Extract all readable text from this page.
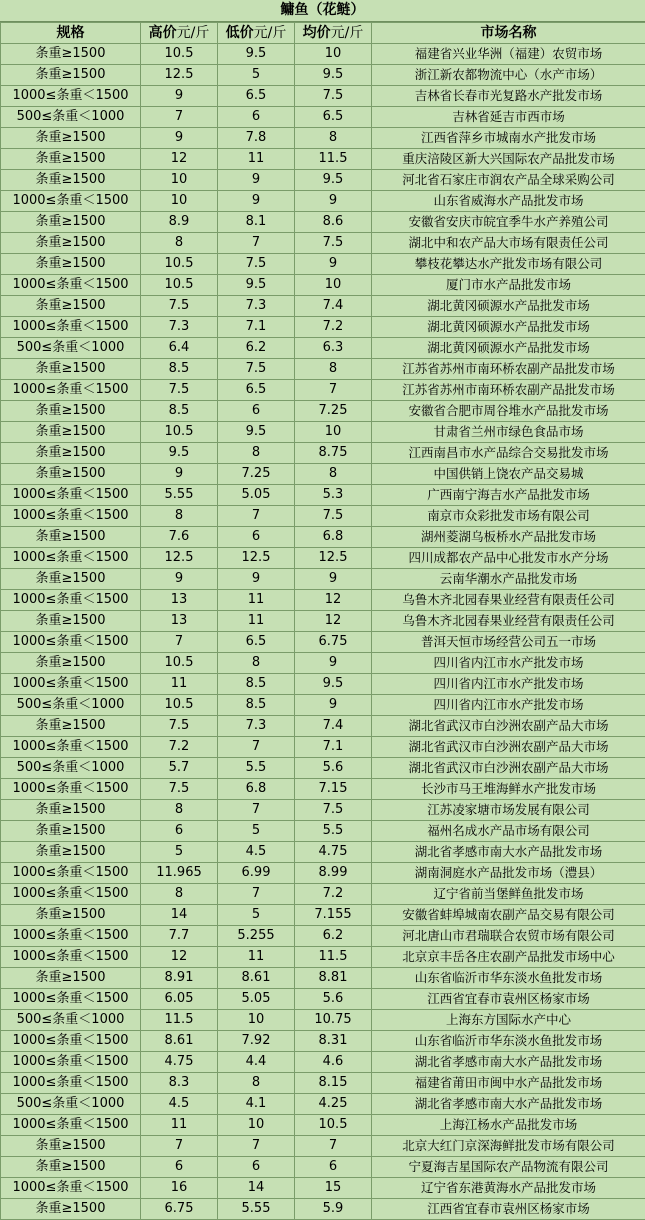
鳙鱼（花鲢）
规格	高价元/斤	低价元/斤	均价元/斤	市场名称
条重≥1500	10.5	9.5	10	福建省兴业华洲（福建）农贸市场
条重≥1500	12.5	5	9.5	浙江新农都物流中心（水产市场）
1000≤条重＜1500	9	6.5	7.5	吉林省长春市光复路水产批发市场
500≤条重＜1000	7	6	6.5	吉林省延吉市西市场
条重≥1500	9	7.8	8	江西省萍乡市城南水产批发市场
条重≥1500	12	11	11.5	重庆涪陵区新大兴国际农产品批发市场
条重≥1500	10	9	9.5	河北省石家庄市润农产品全球采购公司
1000≤条重＜1500	10	9	9	山东省威海水产品批发市场
条重≥1500	8.9	8.1	8.6	安徽省安庆市皖宜季牛水产养殖公司
条重≥1500	8	7	7.5	湖北中和农产品大市场有限责任公司
条重≥1500	10.5	7.5	9	攀枝花攀达水产批发市场有限公司
1000≤条重＜1500	10.5	9.5	10	厦门市水产品批发市场
条重≥1500	7.5	7.3	7.4	湖北黄冈硕源水产品批发市场
1000≤条重＜1500	7.3	7.1	7.2	湖北黄冈硕源水产品批发市场
500≤条重＜1000	6.4	6.2	6.3	湖北黄冈硕源水产品批发市场
条重≥1500	8.5	7.5	8	江苏省苏州市南环桥农副产品批发市场
1000≤条重＜1500	7.5	6.5	7	江苏省苏州市南环桥农副产品批发市场
条重≥1500	8.5	6	7.25	安徽省合肥市周谷堆水产品批发市场
条重≥1500	10.5	9.5	10	甘肃省兰州市绿色食品市场
条重≥1500	9.5	8	8.75	江西南昌市水产品综合交易批发市场
条重≥1500	9	7.25	8	中国供销上饶农产品交易城
1000≤条重＜1500	5.55	5.05	5.3	广西南宁海吉水产品批发市场
1000≤条重＜1500	8	7	7.5	南京市众彩批发市场有限公司
条重≥1500	7.6	6	6.8	湖州菱湖乌板桥水产品批发市场
1000≤条重＜1500	12.5	12.5	12.5	四川成都农产品中心批发市水产分场
条重≥1500	9	9	9	云南华潮水产品批发市场
1000≤条重＜1500	13	11	12	乌鲁木齐北园春果业经营有限责任公司
条重≥1500	13	11	12	乌鲁木齐北园春果业经营有限责任公司
1000≤条重＜1500	7	6.5	6.75	普洱天恒市场经营公司五一市场
条重≥1500	10.5	8	9	四川省内江市水产批发市场
1000≤条重＜1500	11	8.5	9.5	四川省内江市水产批发市场
500≤条重＜1000	10.5	8.5	9	四川省内江市水产批发市场
条重≥1500	7.5	7.3	7.4	湖北省武汉市白沙洲农副产品大市场
1000≤条重＜1500	7.2	7	7.1	湖北省武汉市白沙洲农副产品大市场
500≤条重＜1000	5.7	5.5	5.6	湖北省武汉市白沙洲农副产品大市场
1000≤条重＜1500	7.5	6.8	7.15	长沙市马王堆海鲜水产批发市场
条重≥1500	8	7	7.5	江苏凌家塘市场发展有限公司
条重≥1500	6	5	5.5	福州名成水产品市场有限公司
条重≥1500	5	4.5	4.75	湖北省孝感市南大水产品批发市场
1000≤条重＜1500	11.965	6.99	8.99	湖南洞庭水产品批发市场（澧县）
1000≤条重＜1500	8	7	7.2	辽宁省前当堡鲜鱼批发市场
条重≥1500	14	5	7.155	安徽省蚌埠城南农副产品交易有限公司
1000≤条重＜1500	7.7	5.255	6.2	河北唐山市君瑞联合农贸市场有限公司
1000≤条重＜1500	12	11	11.5	北京京丰岳各庄农副产品批发市场中心
条重≥1500	8.91	8.61	8.81	山东省临沂市华东淡水鱼批发市场
1000≤条重＜1500	6.05	5.05	5.6	江西省宜春市袁州区杨家市场
500≤条重＜1000	11.5	10	10.75	上海东方国际水产中心
1000≤条重＜1500	8.61	7.92	8.31	山东省临沂市华东淡水鱼批发市场
1000≤条重＜1500	4.75	4.4	4.6	湖北省孝感市南大水产品批发市场
1000≤条重＜1500	8.3	8	8.15	福建省莆田市闽中水产品批发市场
500≤条重＜1000	4.5	4.1	4.25	湖北省孝感市南大水产品批发市场
1000≤条重＜1500	11	10	10.5	上海江杨水产品批发市场
条重≥1500	7	7	7	北京大红门京深海鲜批发市场有限公司
条重≥1500	6	6	6	宁夏海吉星国际农产品物流有限公司
1000≤条重＜1500	16	14	15	辽宁省东港黄海水产品批发市场
条重≥1500	6.75	5.55	5.9	江西省宜春市袁州区杨家市场
